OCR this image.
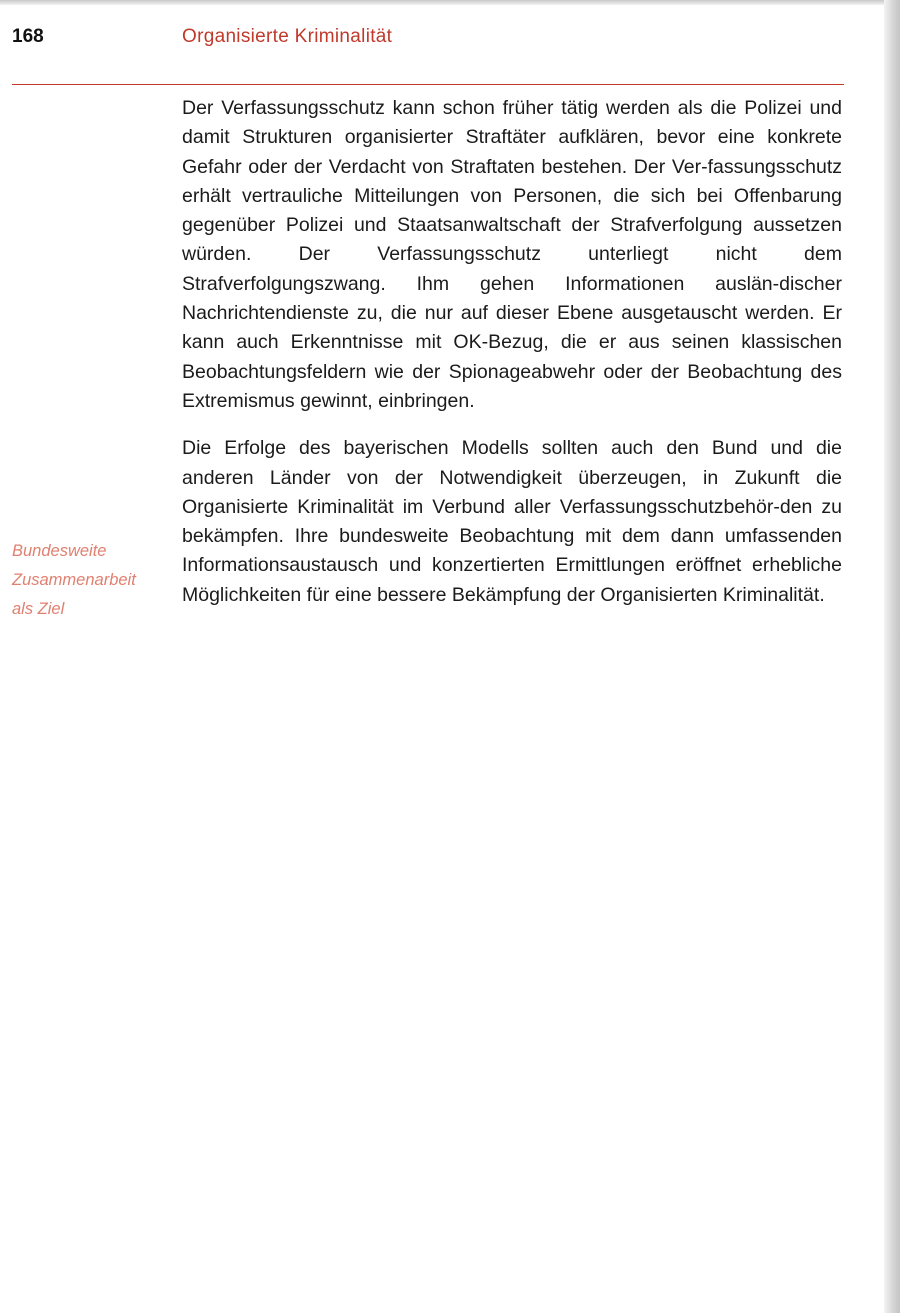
168	Organisierte Kriminalität

Der Verfassungsschutz kann schon früher tätig werden als die Polizei und damit Strukturen organisierter Straftäter aufklären, bevor eine konkrete Gefahr oder der Verdacht von Straftaten bestehen. Der Ver-fassungsschutz erhält vertrauliche Mitteilungen von Personen, die sich bei Offenbarung gegenüber Polizei und Staatsanwaltschaft der Strafverfolgung aussetzen würden. Der Verfassungsschutz unterliegt nicht dem Strafverfolgungszwang. Ihm gehen Informationen auslän-discher Nachrichtendienste zu, die nur auf dieser Ebene ausgetauscht werden. Er kann auch Erkenntnisse mit OK-Bezug, die er aus seinen klassischen Beobachtungsfeldern wie der Spionageabwehr oder der Beobachtung des Extremismus gewinnt, einbringen.

Die Erfolge des bayerischen Modells sollten auch den Bund und die anderen Länder von der Notwendigkeit überzeugen, in Zukunft die Organisierte Kriminalität im Verbund aller Verfassungsschutzbehör-den zu bekämpfen. Ihre bundesweite Beobachtung mit dem dann umfassenden Informationsaustausch und konzertierten Ermittlungen eröffnet erhebliche Möglichkeiten für eine bessere Bekämpfung der Organisierten Kriminalität.

Bundesweite
Zusammenarbeit
als Ziel
